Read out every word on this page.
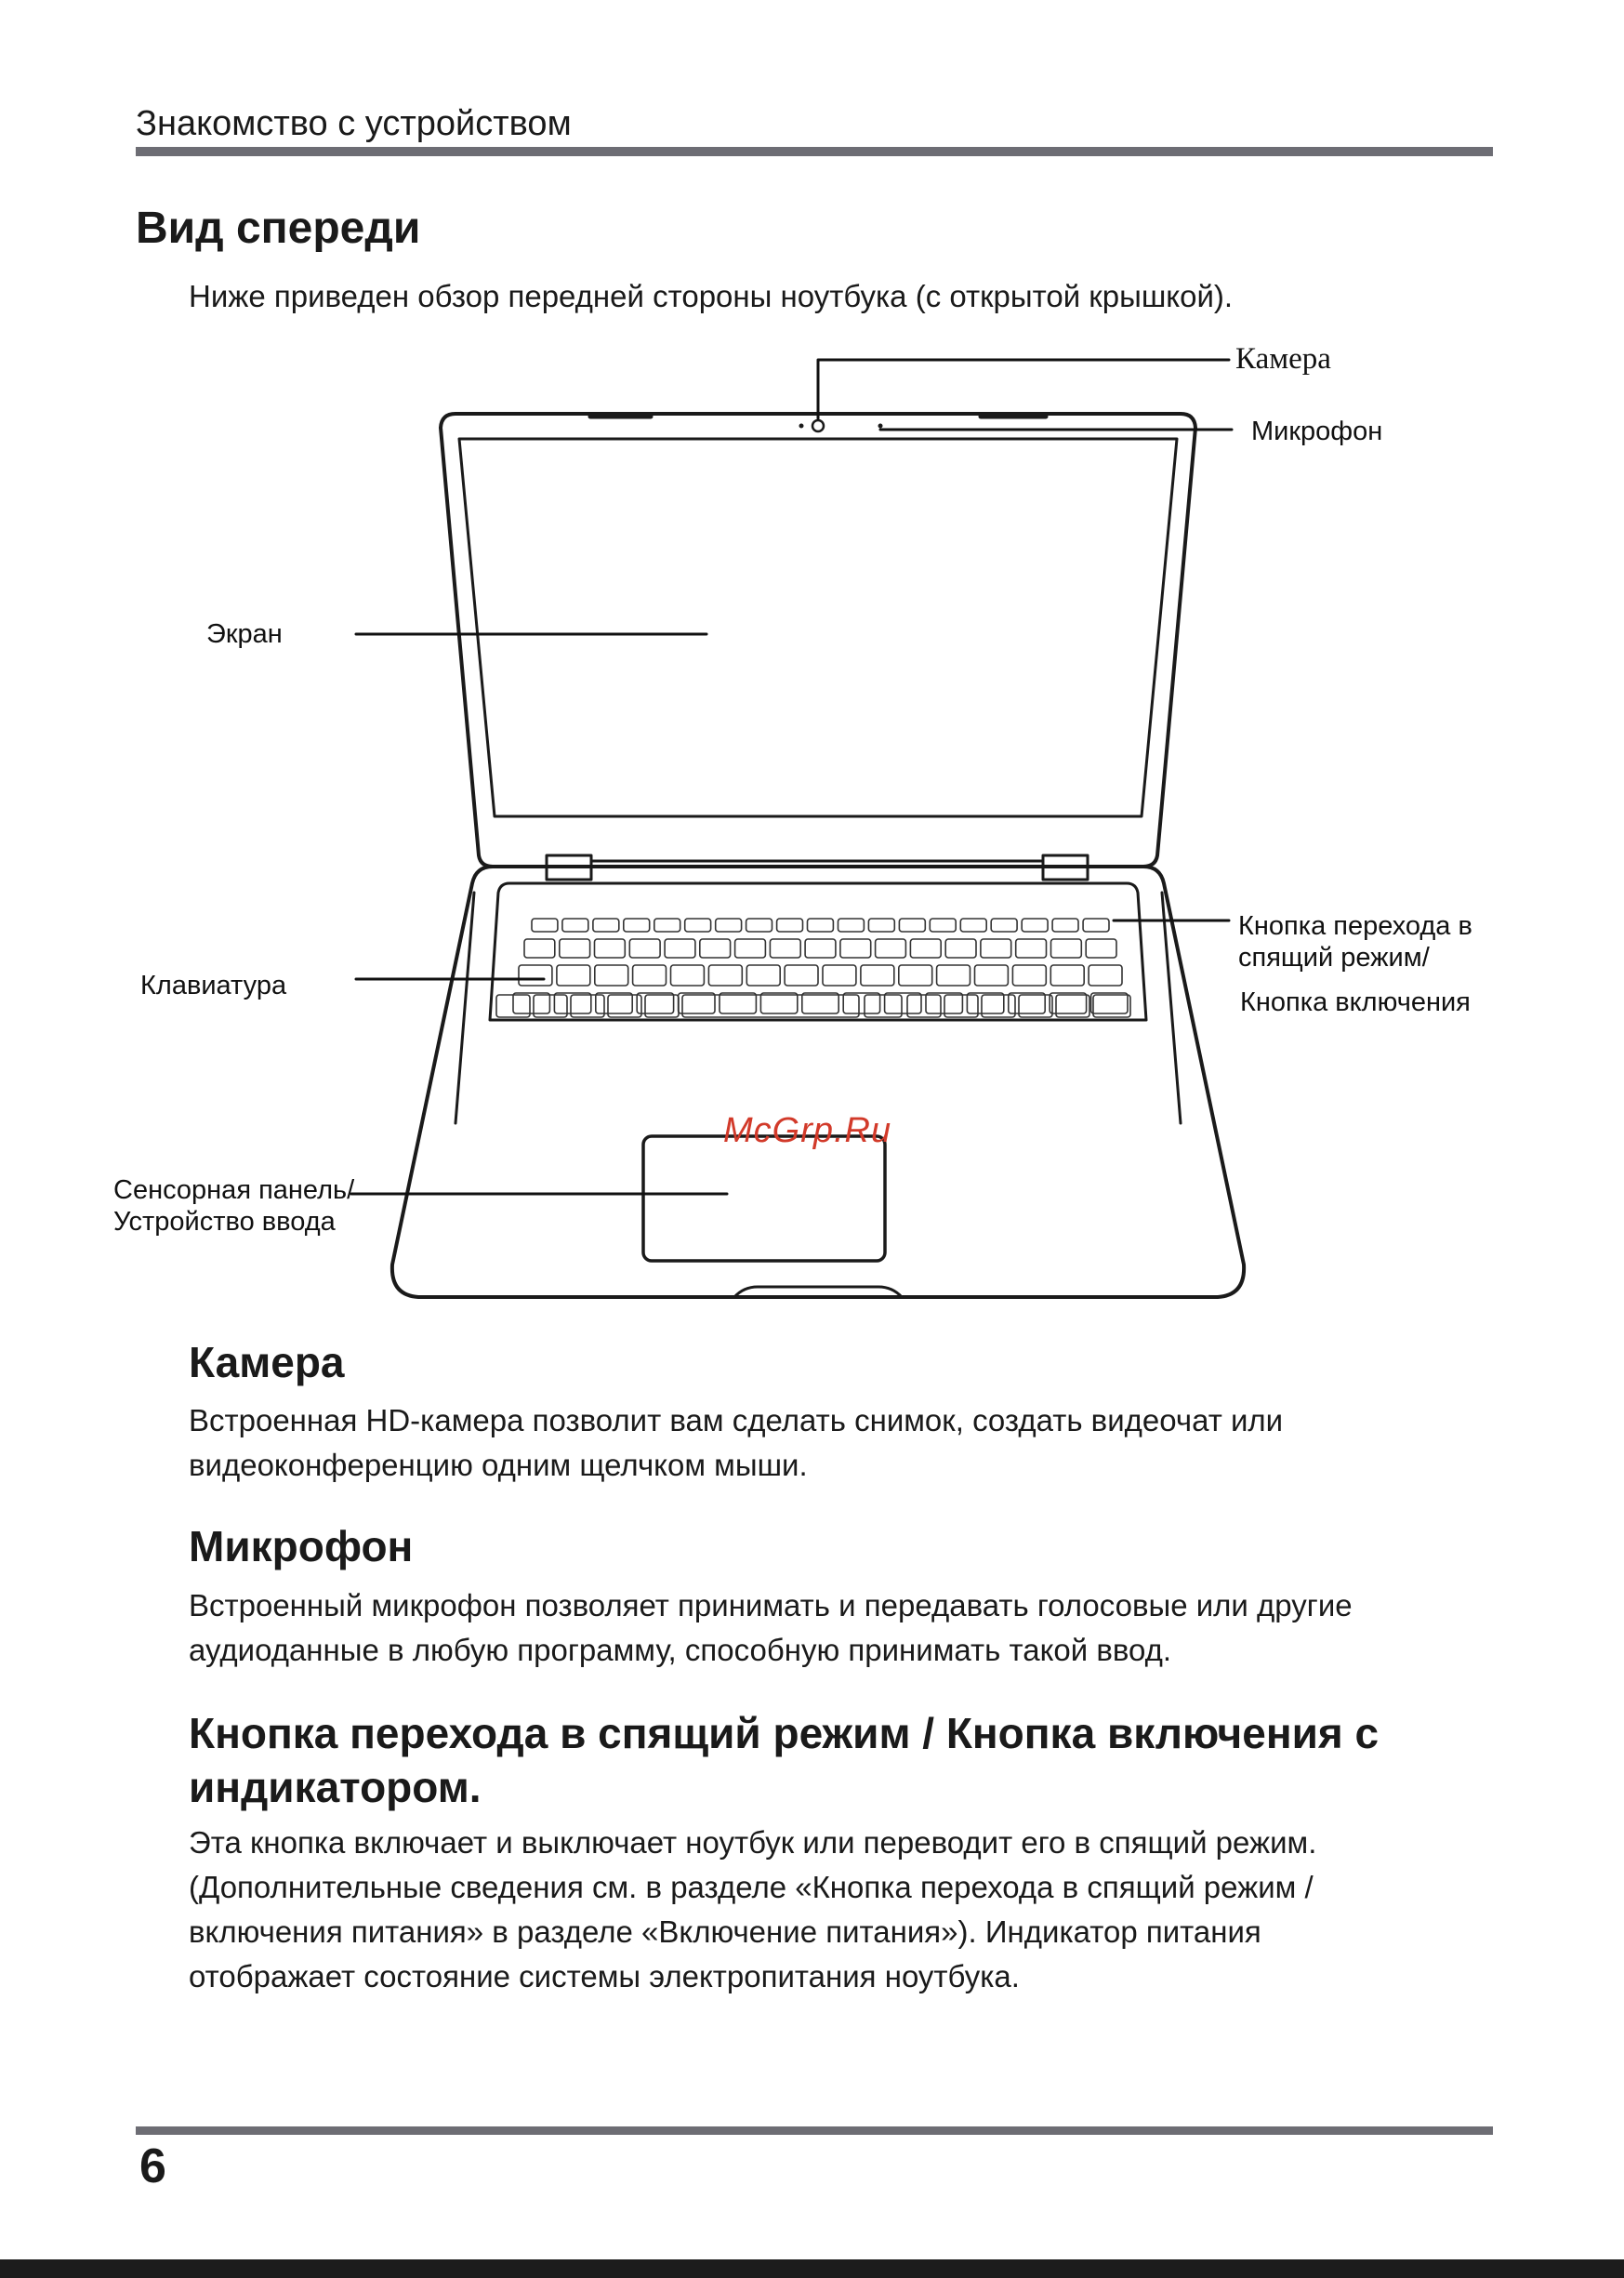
Знакомство с устройством
Вид спереди
Ниже приведен обзор передней стороны ноутбука (с открытой крышкой).
Камера
Микрофон
Экран
Клавиатура
Кнопка перехода в
спящий режим/
Кнопка включения
Сенсорная панель/
Устройство ввода
McGrp.Ru
Камера
Встроенная HD-камера позволит вам сделать снимок, создать видеочат или
видеоконференцию одним щелчком мыши.
Микрофон
Встроенный микрофон позволяет принимать и передавать голосовые или другие
аудиоданные в любую программу, способную принимать такой ввод.
Кнопка перехода в спящий режим / Кнопка включения с
индикатором.
Эта кнопка включает и выключает ноутбук или переводит его в спящий режим.
(Дополнительные сведения см. в разделе «Кнопка перехода в спящий режим /
включения питания» в разделе «Включение питания»). Индикатор питания
отображает состояние системы электропитания ноутбука.
6
